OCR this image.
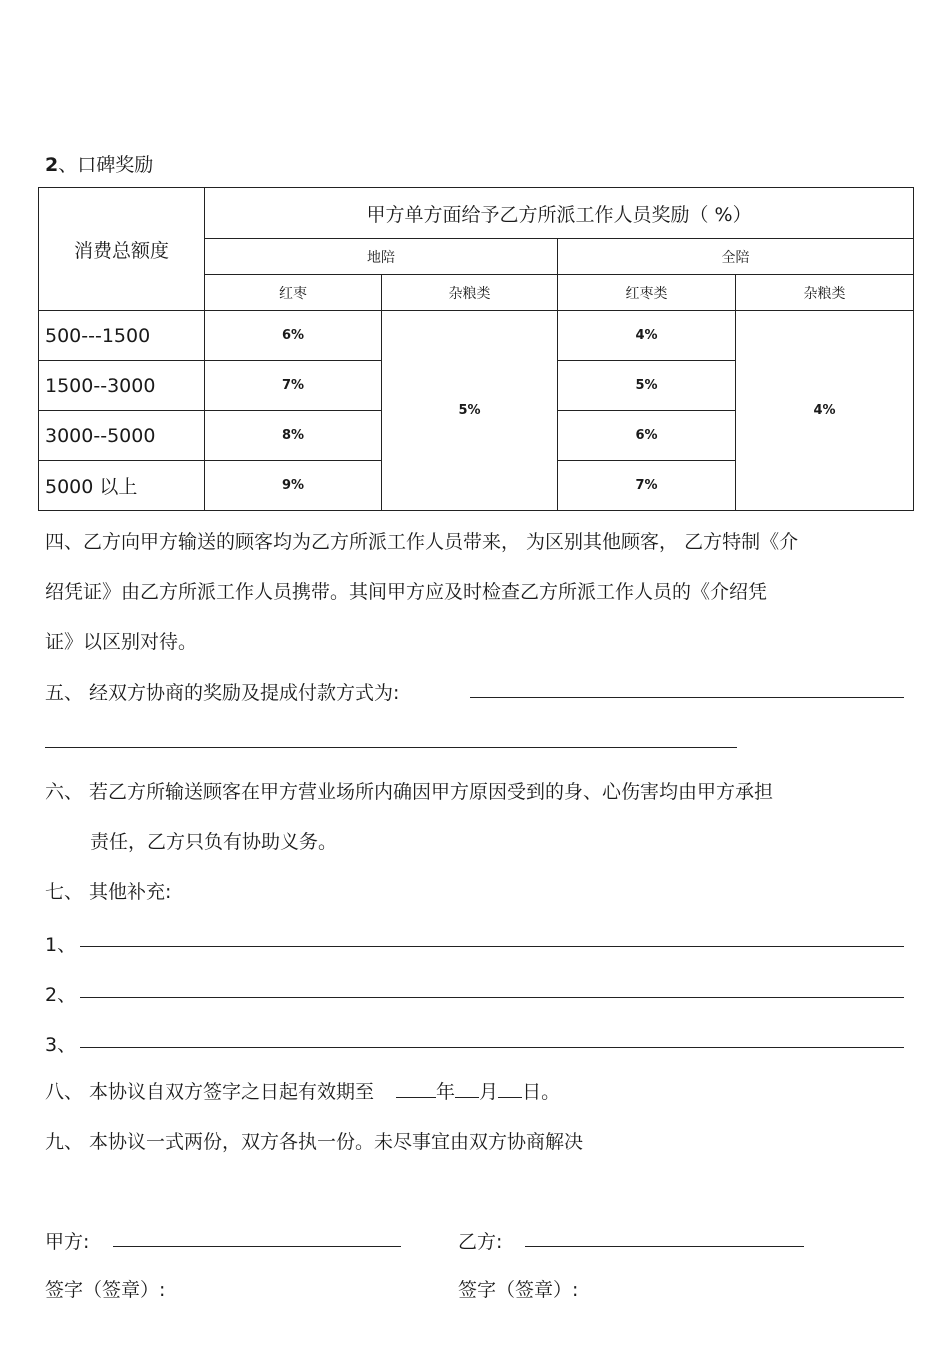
2、口碑奖励
消费总额度	甲方单方面给予乙方所派工作人员奖励（ %）			
	地陪		全陪	
	红枣	杂粮类	红枣类	杂粮类
500---1500	6%	5%	4%	4%
1500--3000	7%		5%	
3000--5000	8%		6%	
5000 以上	9%		7%	
四、乙方向甲方输送的顾客均为乙方所派工作人员带来， 为区别其他顾客， 乙方特制《介
绍凭证》由乙方所派工作人员携带。其间甲方应及时检查乙方所派工作人员的《介绍凭
证》以区别对待。
五、 经双方协商的奖励及提成付款方式为:
六、 若乙方所输送顾客在甲方营业场所内确因甲方原因受到的身、心伤害均由甲方承担
责任，乙方只负有协助义务。
七、 其他补充:
1、
2、
3、
八、 本协议自双方签字之日起有效期至	年 月 日。
九、 本协议一式两份，双方各执一份。未尽事宜由双方协商解决
甲方:	乙方:
签字（签章）:	签字（签章）:
